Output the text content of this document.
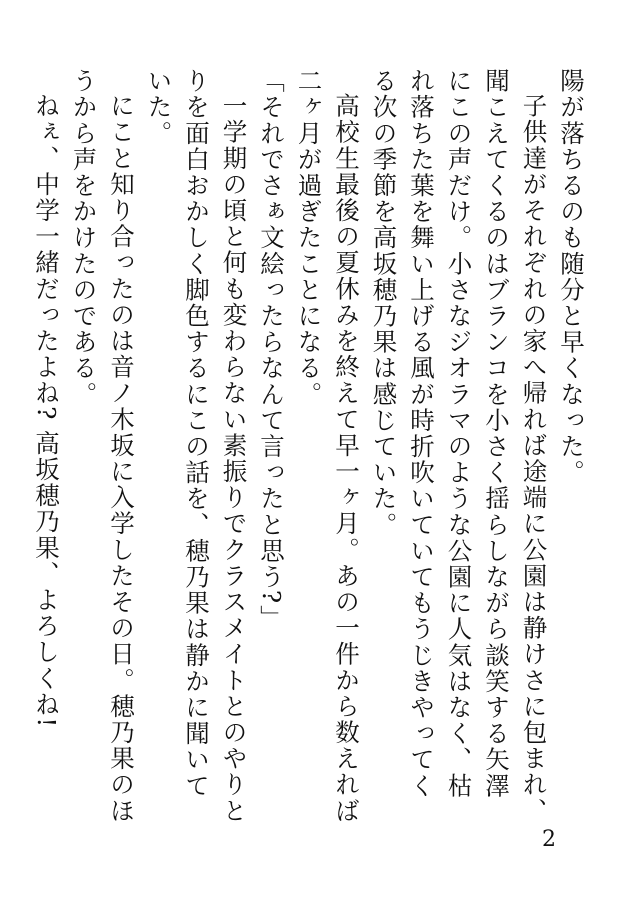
陽が落ちるのも随分と早くなった。

子供達がそれぞれの家へ帰れば途端に公園は静けさに包まれ、聞こえてくるのはブランコを小さく揺らしながら談笑する矢澤にこの声だけ。小さなジオラマのような公園に人気はなく、枯れ落ちた葉を舞い上げる風が時折吹いていてもうじきやってくる次の季節を高坂穂乃果は感じていた。

高校生最後の夏休みを終えて早一ヶ月。あの一件から数えれば二ヶ月が過ぎたことになる。

「それでさぁ文絵ったらなんて言ったと思う?」

一学期の頃と何も変わらない素振りでクラスメイトとのやりとりを面白おかしく脚色するにこの話を、穂乃果は静かに聞いていた。

にこと知り合ったのは音ノ木坂に入学したその日。穂乃果のほうから声をかけたのである。

ねぇ、中学一緒だったよね? 高坂穂乃果、よろしくね!

2
